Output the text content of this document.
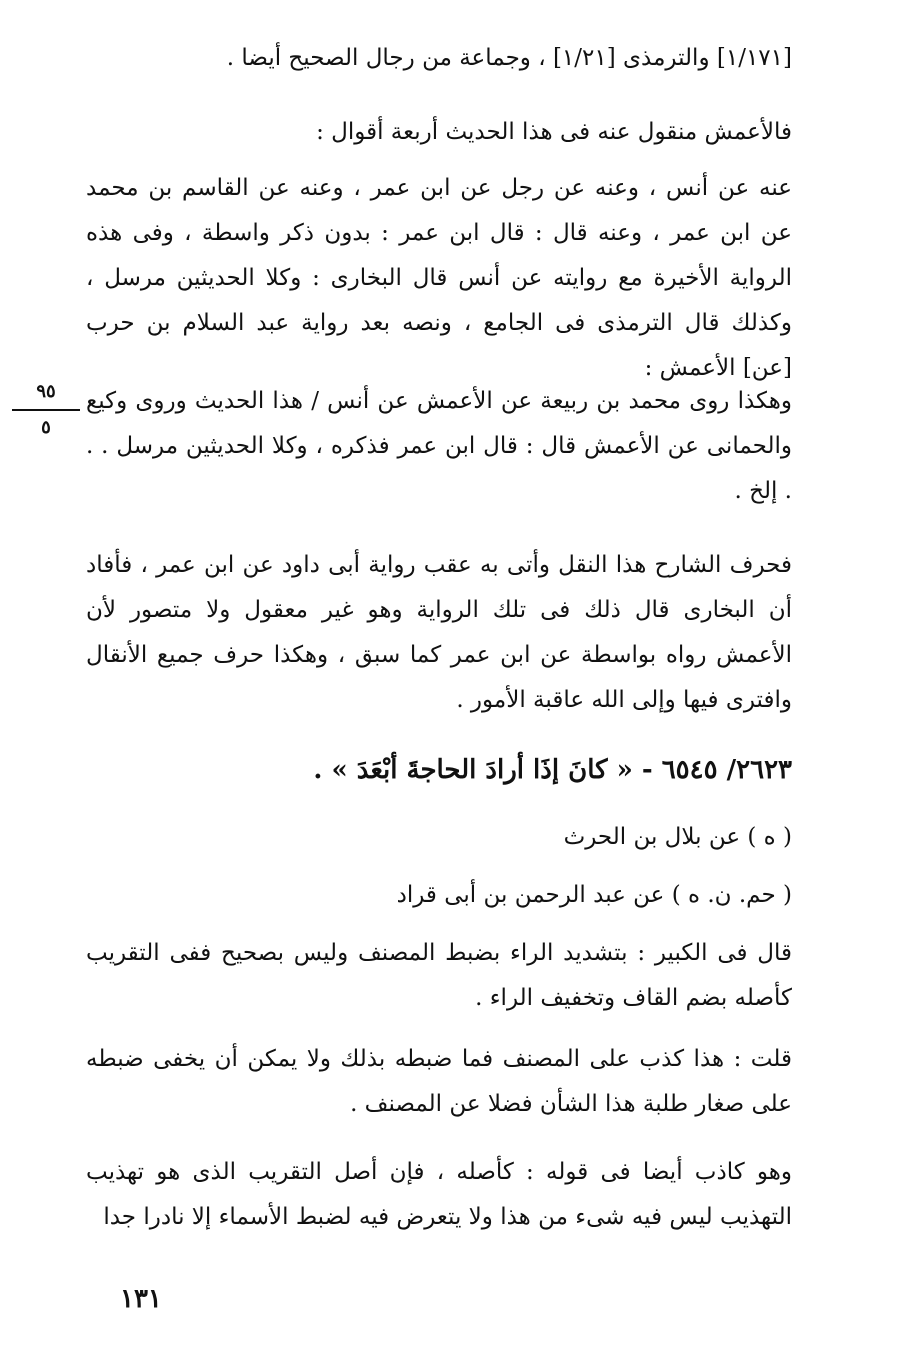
[١/١٧١] والترمذى [١/٢١] ، وجماعة من رجال الصحيح أيضا .

فالأعمش منقول عنه فى هذا الحديث أربعة أقوال :

عنه عن أنس ، وعنه عن رجل عن ابن عمر ، وعنه عن القاسم بن محمد عن ابن عمر ، وعنه قال : قال ابن عمر : بدون ذكر واسطة ، وفى هذه الرواية الأخيرة مع روايته عن أنس قال البخارى : وكلا الحديثين مرسل ، وكذلك قال الترمذى فى الجامع ، ونصه بعد رواية عبد السلام بن حرب [عن] الأعمش :

وهكذا روى محمد بن ربيعة عن الأعمش عن أنس / هذا الحديث وروى وكيع والحمانى عن الأعمش قال : قال ابن عمر فذكره ، وكلا الحديثين مرسل . . . إلخ .

٩٥
٥

فحرف الشارح هذا النقل وأتى به عقب رواية أبى داود عن ابن عمر ، فأفاد أن البخارى قال ذلك فى تلك الرواية وهو غير معقول ولا متصور لأن الأعمش رواه بواسطة عن ابن عمر كما سبق ، وهكذا حرف جميع الأنقال وافترى فيها وإلى الله عاقبة الأمور .

٢٦٢٣/ ٦٥٤٥ - « كانَ إذَا أرادَ الحاجةَ أبْعَدَ » .

( ه ) عن بلال بن الحرث

( حم. ن. ه ) عن عبد الرحمن بن أبى قراد

قال فى الكبير : بتشديد الراء بضبط المصنف وليس بصحيح ففى التقريب كأصله بضم القاف وتخفيف الراء .

قلت : هذا كذب على المصنف فما ضبطه بذلك ولا يمكن أن يخفى ضبطه على صغار طلبة هذا الشأن فضلا عن المصنف .

وهو كاذب أيضا فى قوله : كأصله ، فإن أصل التقريب الذى هو تهذيب التهذيب ليس فيه شىء من هذا ولا يتعرض فيه لضبط الأسماء إلا نادرا جدا

١٣١
